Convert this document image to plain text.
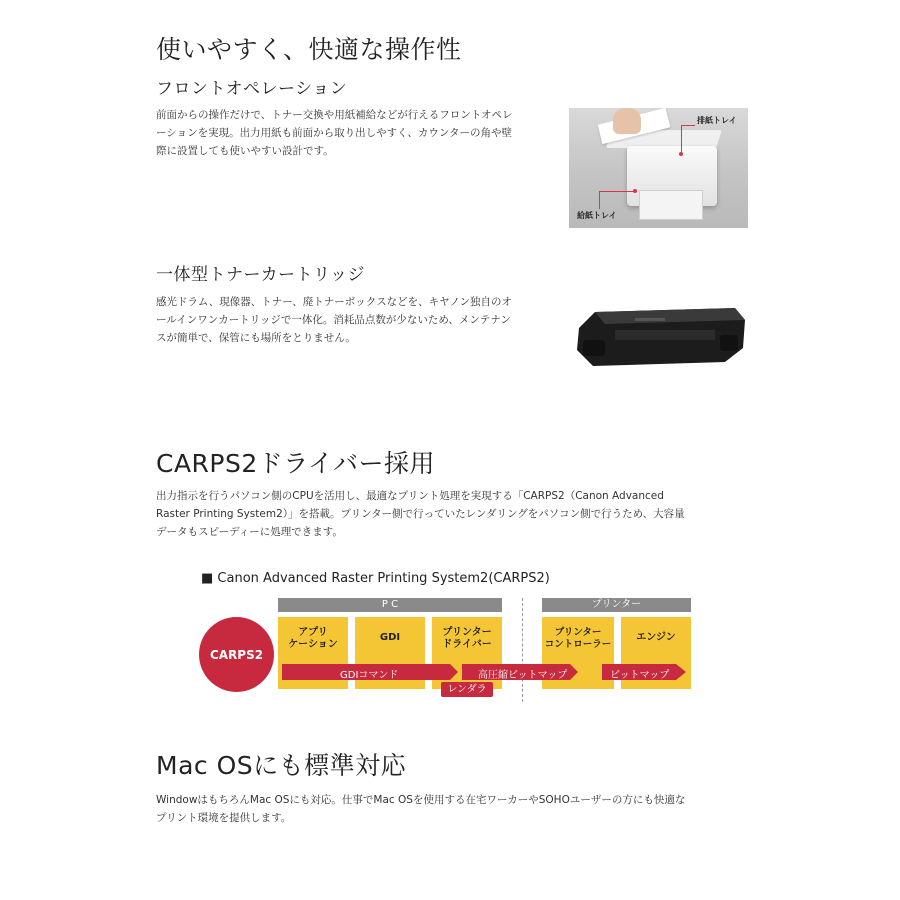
使いやすく、快適な操作性
フロントオペレーション
前面からの操作だけで、トナー交換や用紙補給などが行えるフロントオペレ
ーションを実現。出力用紙も前面から取り出しやすく、カウンターの角や壁
際に設置しても使いやすい設計です。
排紙トレイ
給紙トレイ
一体型トナーカートリッジ
感光ドラム、現像器、トナー、廃トナーボックスなどを、キヤノン独自のオ
ールインワンカートリッジで一体化。消耗品点数が少ないため、メンテナン
スが簡単で、保管にも場所をとりません。
CARPS2ドライバー採用
出力指示を行うパソコン側のCPUを活用し、最適なプリント処理を実現する「CARPS2（Canon Advanced
Raster Printing System2）」を搭載。プリンター側で行っていたレンダリングをパソコン側で行うため、大容量
データもスピーディーに処理できます。
■ Canon Advanced Raster Printing System2(CARPS2)
P C	プリンター
CARPS2
アプリ
ケーション
GDI	プリンター
ドライバー
プリンター
コントローラー
エンジン
GDIコマンド	高圧縮ビットマップ	ビットマップ
レンダラ
Mac OSにも標準対応
WindowはもちろんMac OSにも対応。仕事でMac OSを使用する在宅ワーカーやSOHOユーザーの方にも快適な
プリント環境を提供します。
